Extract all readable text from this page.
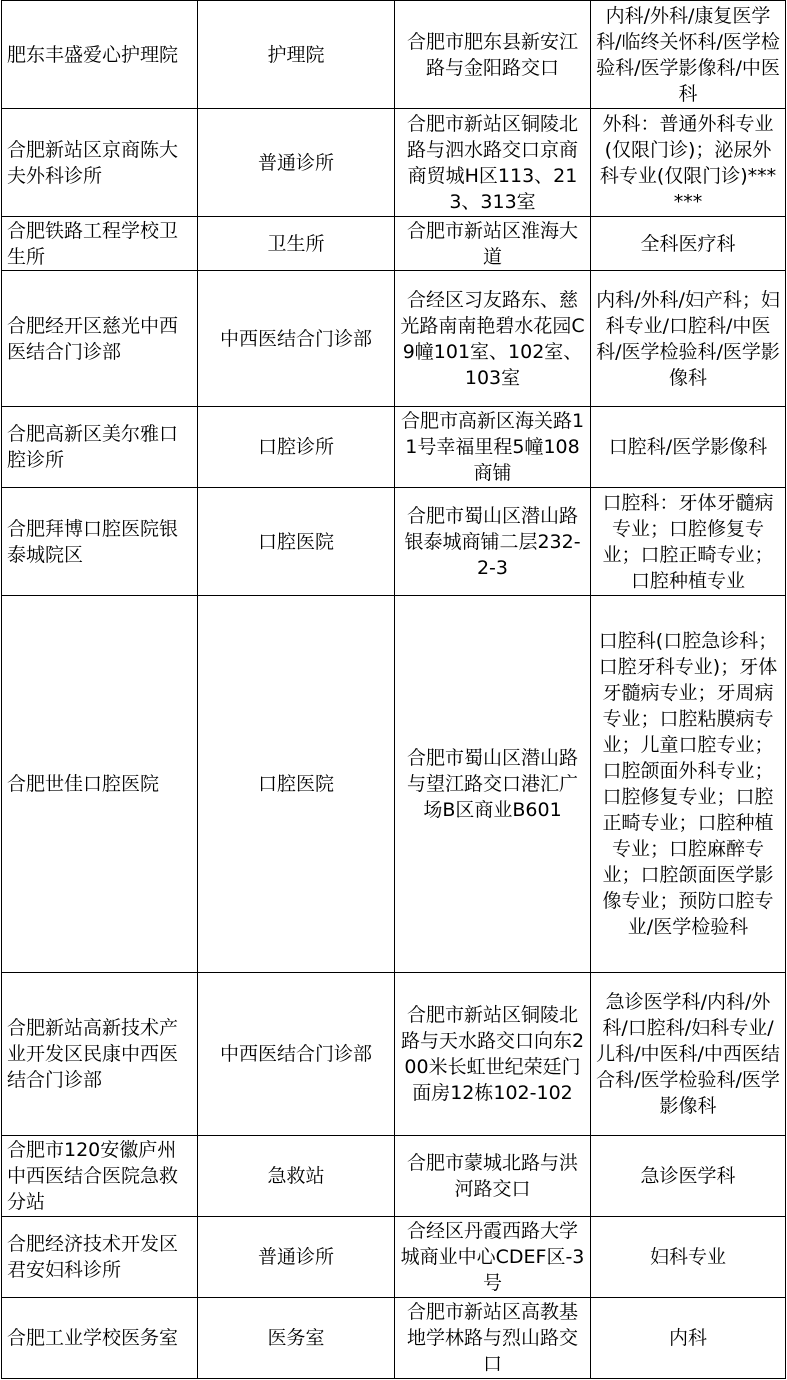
肥东丰盛爱心护理院	护理院	合肥市肥东县新安江路与金阳路交口	内科/外科/康复医学科/临终关怀科/医学检验科/医学影像科/中医科
合肥新站区京商陈大夫外科诊所	普通诊所	合肥市新站区铜陵北路与泗水路交口京商商贸城H区113、213、313室	外科：普通外科专业(仅限门诊)；泌尿外科专业(仅限门诊)******
合肥铁路工程学校卫生所	卫生所	合肥市新站区淮海大道	全科医疗科
合肥经开区慈光中西医结合门诊部	中西医结合门诊部	合经区习友路东、慈光路南南艳碧水花园C9幢101室、102室、103室	内科/外科/妇产科；妇科专业/口腔科/中医科/医学检验科/医学影像科
合肥高新区美尔雅口腔诊所	口腔诊所	合肥市高新区海关路11号幸福里程5幢108商铺	口腔科/医学影像科
合肥拜博口腔医院银泰城院区	口腔医院	合肥市蜀山区潜山路银泰城商铺二层232-2-3	口腔科：牙体牙髓病专业；口腔修复专业；口腔正畸专业；口腔种植专业
合肥世佳口腔医院	口腔医院	合肥市蜀山区潜山路与望江路交口港汇广场B区商业B601	口腔科(口腔急诊科；口腔牙科专业)；牙体牙髓病专业；牙周病专业；口腔粘膜病专业；儿童口腔专业；口腔颌面外科专业；口腔修复专业；口腔正畸专业；口腔种植专业；口腔麻醉专业；口腔颌面医学影像专业；预防口腔专业/医学检验科
合肥新站高新技术产业开发区民康中西医结合门诊部	中西医结合门诊部	合肥市新站区铜陵北路与天水路交口向东200米长虹世纪荣廷门面房12栋102-102	急诊医学科/内科/外科/口腔科/妇科专业/儿科/中医科/中西医结合科/医学检验科/医学影像科
合肥市120安徽庐州中西医结合医院急救分站	急救站	合肥市蒙城北路与洪河路交口	急诊医学科
合肥经济技术开发区君安妇科诊所	普通诊所	合经区丹霞西路大学城商业中心CDEF区-3号	妇科专业
合肥工业学校医务室	医务室	合肥市新站区高教基地学林路与烈山路交口	内科
